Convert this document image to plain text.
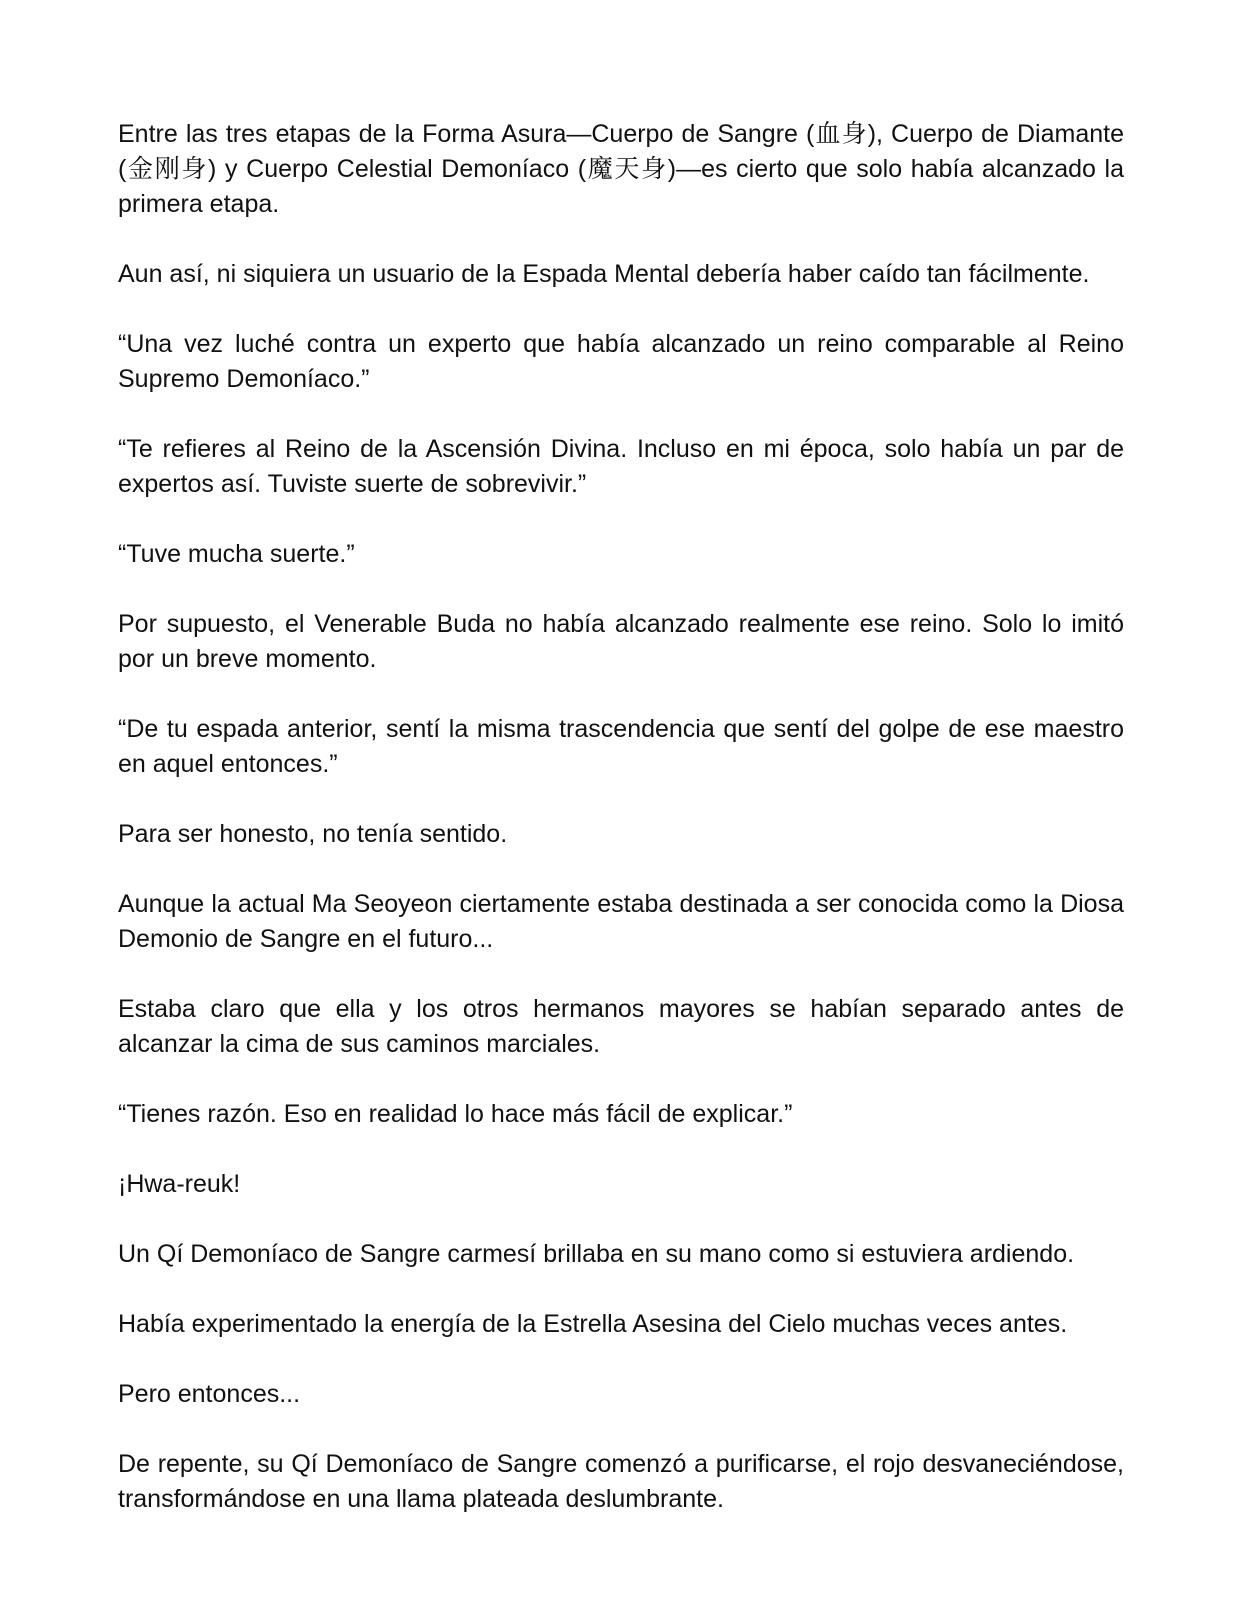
Entre las tres etapas de la Forma Asura—Cuerpo de Sangre (血身), Cuerpo de Diamante (金刚身) y Cuerpo Celestial Demoníaco (魔天身)—es cierto que solo había alcanzado la primera etapa.

Aun así, ni siquiera un usuario de la Espada Mental debería haber caído tan fácilmente.

“Una vez luché contra un experto que había alcanzado un reino comparable al Reino Supremo Demoníaco.”

“Te refieres al Reino de la Ascensión Divina. Incluso en mi época, solo había un par de expertos así. Tuviste suerte de sobrevivir.”

“Tuve mucha suerte.”

Por supuesto, el Venerable Buda no había alcanzado realmente ese reino. Solo lo imitó por un breve momento.

“De tu espada anterior, sentí la misma trascendencia que sentí del golpe de ese maestro en aquel entonces.”

Para ser honesto, no tenía sentido.

Aunque la actual Ma Seoyeon ciertamente estaba destinada a ser conocida como la Diosa Demonio de Sangre en el futuro...

Estaba claro que ella y los otros hermanos mayores se habían separado antes de alcanzar la cima de sus caminos marciales.

“Tienes razón. Eso en realidad lo hace más fácil de explicar.”

¡Hwa-reuk!

Un Qí Demoníaco de Sangre carmesí brillaba en su mano como si estuviera ardiendo.

Había experimentado la energía de la Estrella Asesina del Cielo muchas veces antes.

Pero entonces...

De repente, su Qí Demoníaco de Sangre comenzó a purificarse, el rojo desvaneciéndose, transformándose en una llama plateada deslumbrante.
